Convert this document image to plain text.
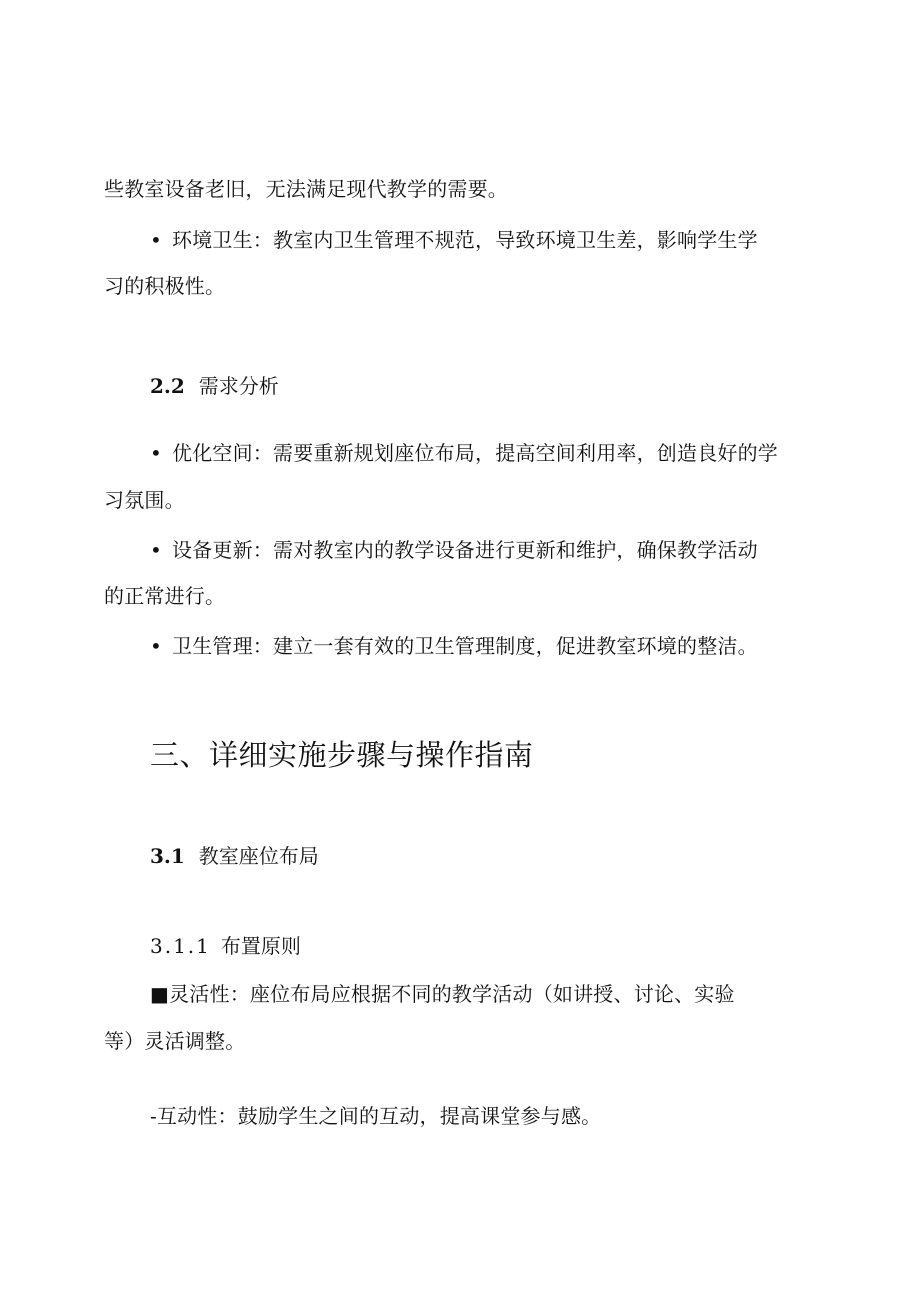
些教室设备老旧，无法满足现代教学的需要。
• 环境卫生：教室内卫生管理不规范，导致环境卫生差，影响学生学
习的积极性。
2.2 需求分析
• 优化空间：需要重新规划座位布局，提高空间利用率，创造良好的学
习氛围。
• 设备更新：需对教室内的教学设备进行更新和维护，确保教学活动
的正常进行。
• 卫生管理：建立一套有效的卫生管理制度，促进教室环境的整洁。
三、详细实施步骤与操作指南
3.1 教室座位布局
3.1.1 布置原则
■灵活性：座位布局应根据不同的教学活动（如讲授、讨论、实验
等）灵活调整。
-互动性：鼓励学生之间的互动，提高课堂参与感。
